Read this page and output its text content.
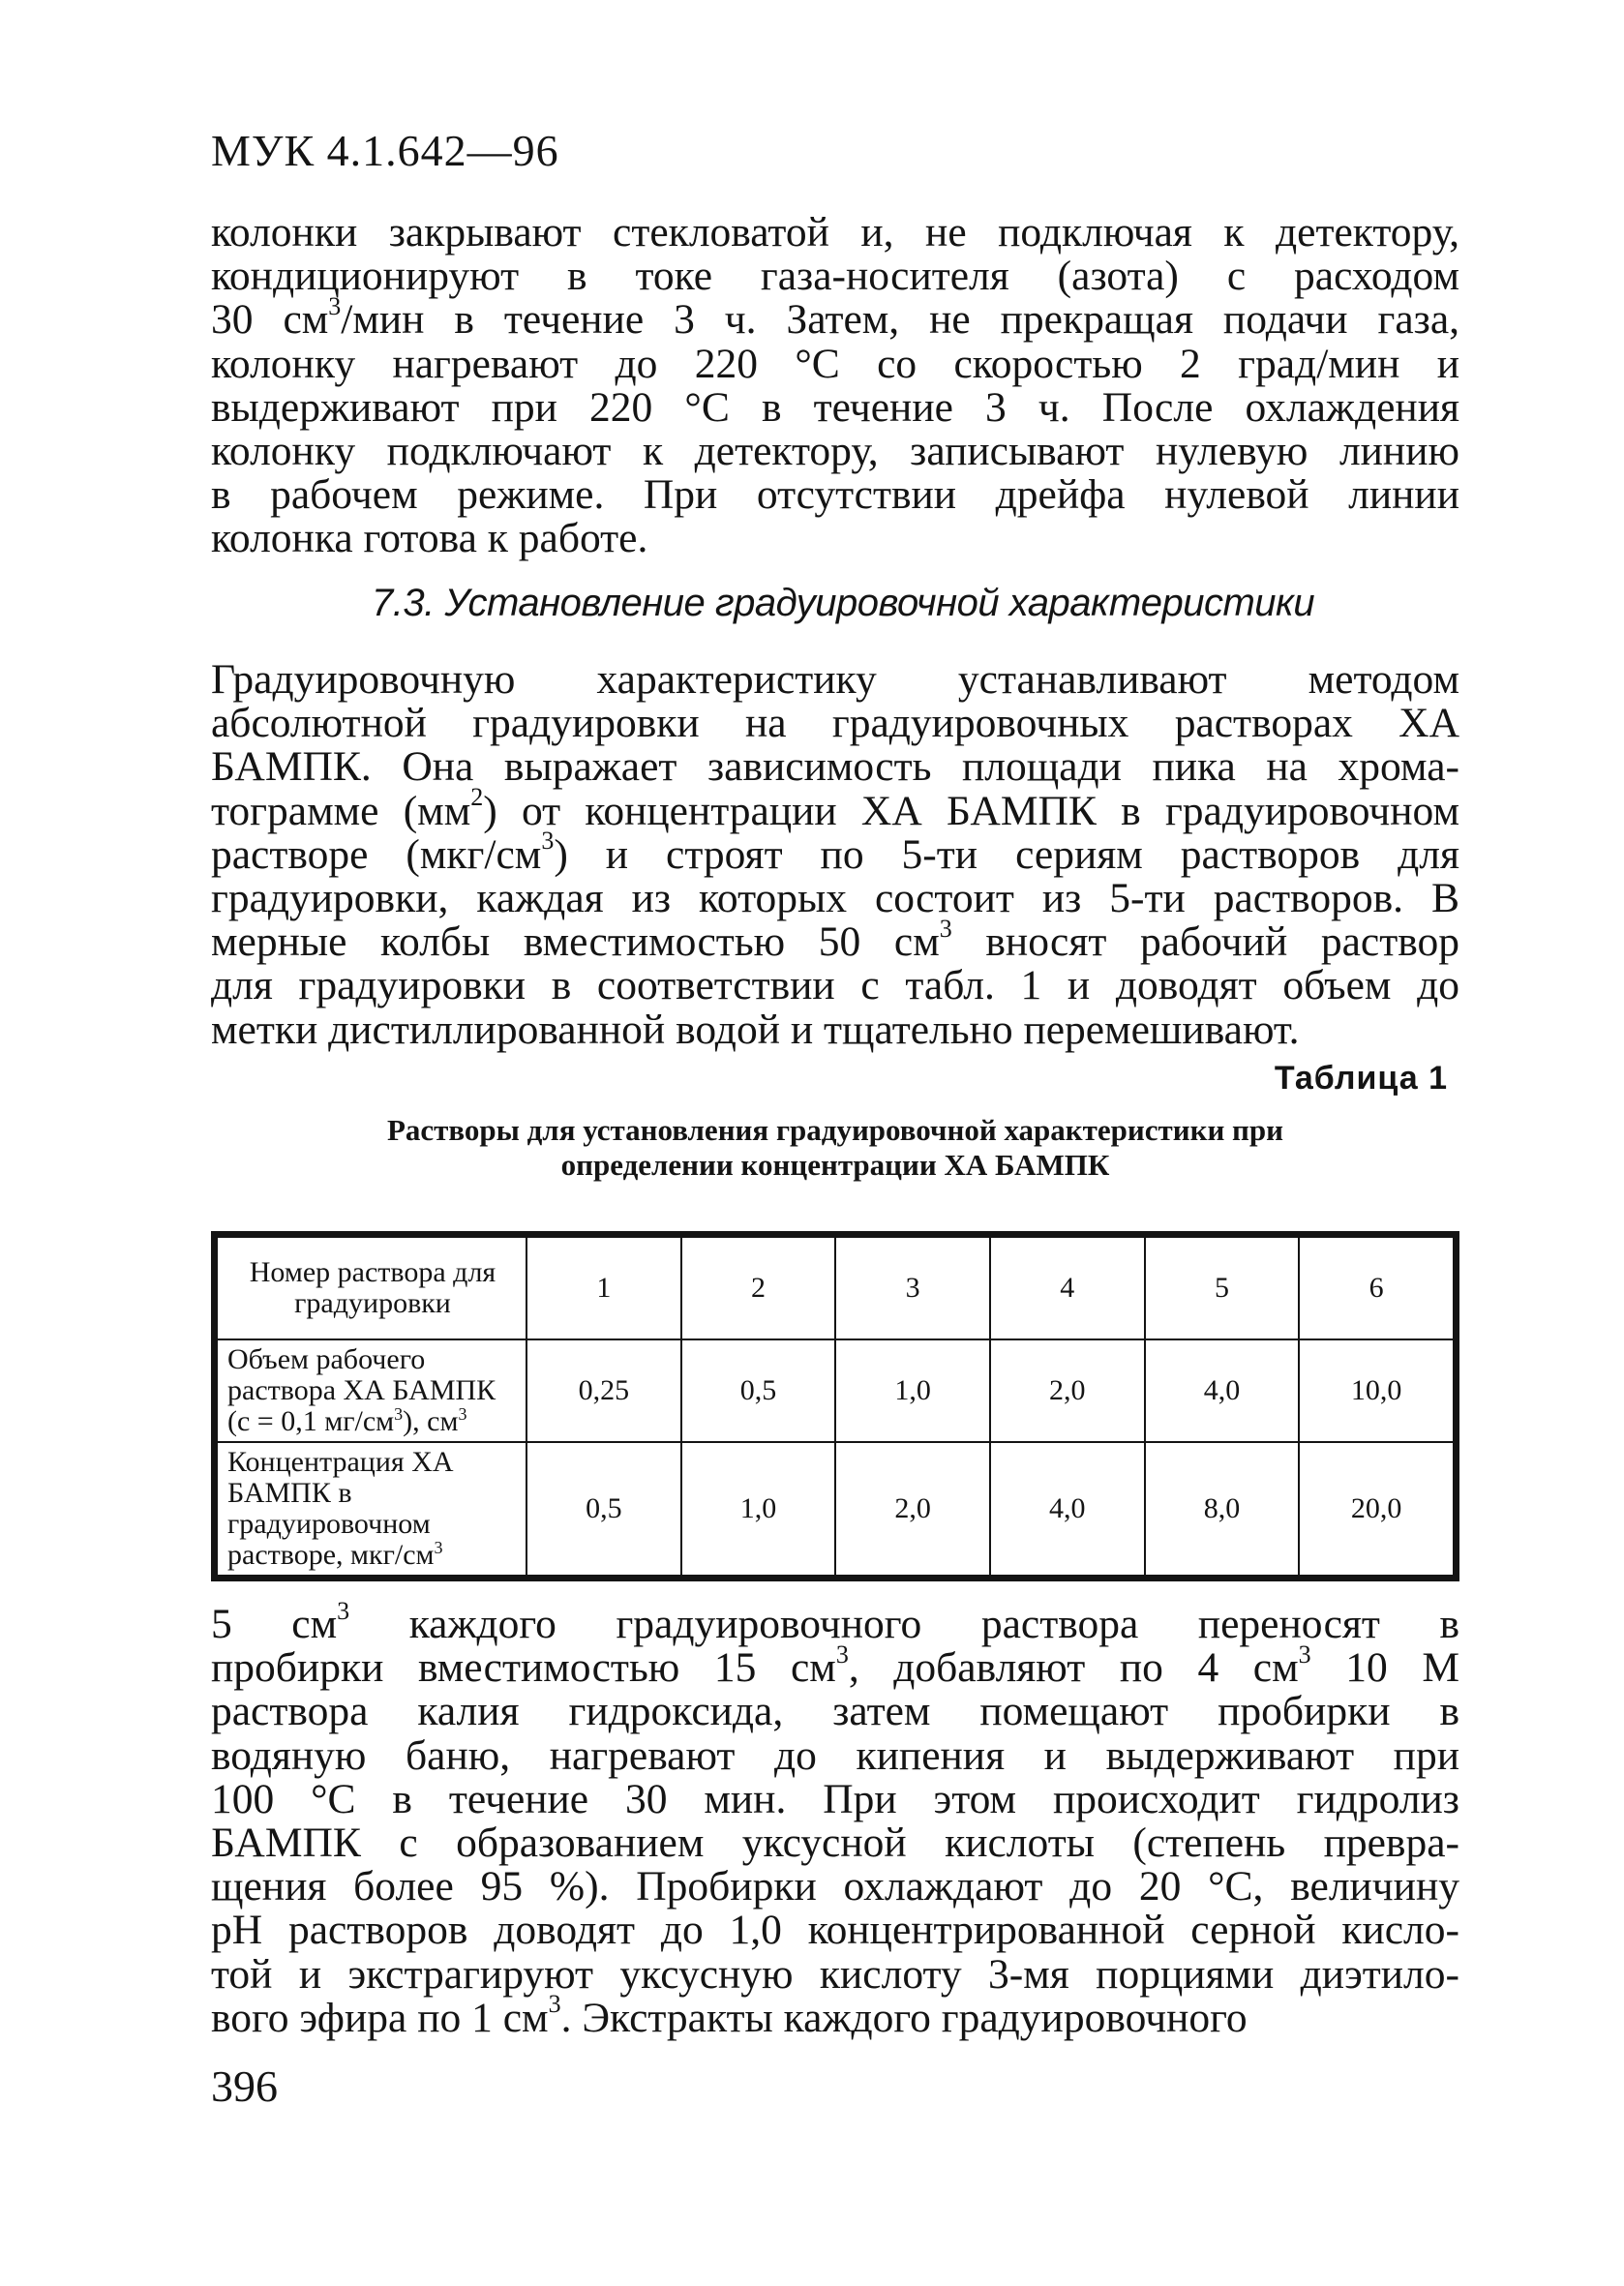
МУК 4.1.642—96
колонки закрывают стекловатой и, не подключая к детектору,
кондиционируют в токе газа-носителя (азота) с расходом
30 $см^3$/мин в течение 3 ч. Затем, не прекращая подачи газа,
колонку нагревают до 220 °С со скоростью 2 град/мин и
выдерживают при 220 °С в течение 3 ч. После охлаждения
колонку подключают к детектору, записывают нулевую линию
в рабочем режиме. При отсутствии дрейфа нулевой линии
колонка готова к работе.
7.3. Установление градуировочной характеристики
Градуировочную характеристику устанавливают методом
абсолютной градуировки на градуировочных растворах ХА
БАМПК. Она выражает зависимость площади пика на хрома-
тограмме $(мм^2)$ от концентрации ХА БАМПК в градуировочном
растворе $(мкг/см^3)$ и строят по 5-ти сериям растворов для
градуировки, каждая из которых состоит из 5-ти растворов. В
мерные колбы вместимостью 50 $см^3$ вносят рабочий раствор
для градуировки в соответствии с табл. 1 и доводят объем до
метки дистиллированной водой и тщательно перемешивают.
Таблица 1
Растворы для установления градуировочной характеристики при
определении концентрации ХА БАМПК
Номер раствора для градуировки	1	2	3	4	5	6
Объем рабочего раствора ХА БАМПК (с = 0,1 $мг/см^3$), $см^3$	0,25	0,5	1,0	2,0	4,0	10,0
Концентрация ХА БАМПК в градуировочном растворе, мкг/$см^3$	0,5	1,0	2,0	4,0	8,0	20,0
5 $см^3$ каждого градуировочного раствора переносят в
пробирки вместимостью 15 $см^3$, добавляют по 4 $см^3$ 10 М
раствора калия гидроксида, затем помещают пробирки в
водяную баню, нагревают до кипения и выдерживают при
100 °С в течение 30 мин. При этом происходит гидролиз
БАМПК с образованием уксусной кислоты (степень превра-
щения более 95 %). Пробирки охлаждают до 20 °С, величину
рН растворов доводят до 1,0 концентрированной серной кисло-
той и экстрагируют уксусную кислоту 3-мя порциями диэтило-
вого эфира по 1 $см^3$. Экстракты каждого градуировочного
396
